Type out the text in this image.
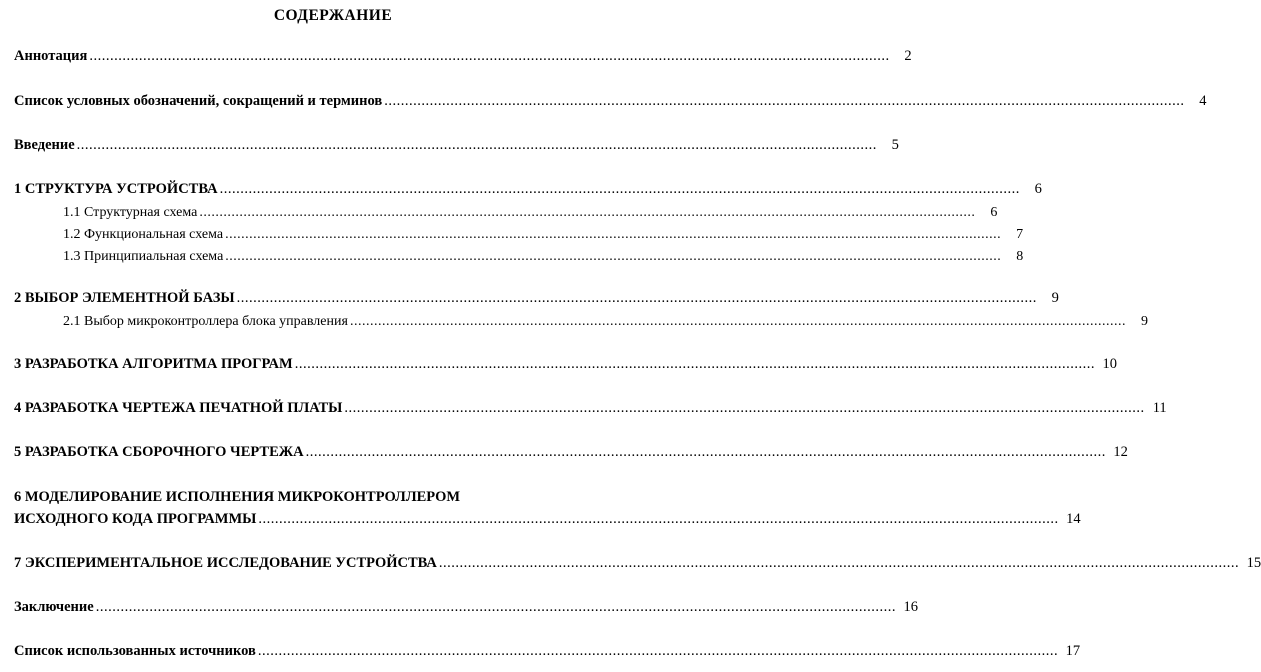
СОДЕРЖАНИЕ
Аннотация ..................................................................................................................................................................................................	2
Список условных обозначений, сокращений и терминов ..................................................................................................................................................................................................	4
Введение ..................................................................................................................................................................................................	5
1 СТРУКТУРА УСТРОЙСТВА ..................................................................................................................................................................................................	6
1.1 Структурная схема ..................................................................................................................................................................................................	6
1.2 Функциональная схема ..................................................................................................................................................................................................	7
1.3 Принципиальная схема ..................................................................................................................................................................................................	8
2 ВЫБОР ЭЛЕМЕНТНОЙ БАЗЫ ..................................................................................................................................................................................................	9
2.1 Выбор микроконтроллера блока управления ..................................................................................................................................................................................................	9
3 РАЗРАБОТКА АЛГОРИТМА ПРОГРАМ .................................................................................................................................................................................................. 10
4 РАЗРАБОТКА ЧЕРТЕЖА ПЕЧАТНОЙ ПЛАТЫ .................................................................................................................................................................................................. 11
5 РАЗРАБОТКА СБОРОЧНОГО ЧЕРТЕЖА .................................................................................................................................................................................................. 12
6 МОДЕЛИРОВАНИЕ ИСПОЛНЕНИЯ МИКРОКОНТРОЛЛЕРОМ
ИСХОДНОГО КОДА ПРОГРАММЫ .................................................................................................................................................................................................. 14
7 ЭКСПЕРИМЕНТАЛЬНОЕ ИССЛЕДОВАНИЕ УСТРОЙСТВА .................................................................................................................................................................................................. 15
Заключение .................................................................................................................................................................................................. 16
Список использованных источников .................................................................................................................................................................................................. 17
